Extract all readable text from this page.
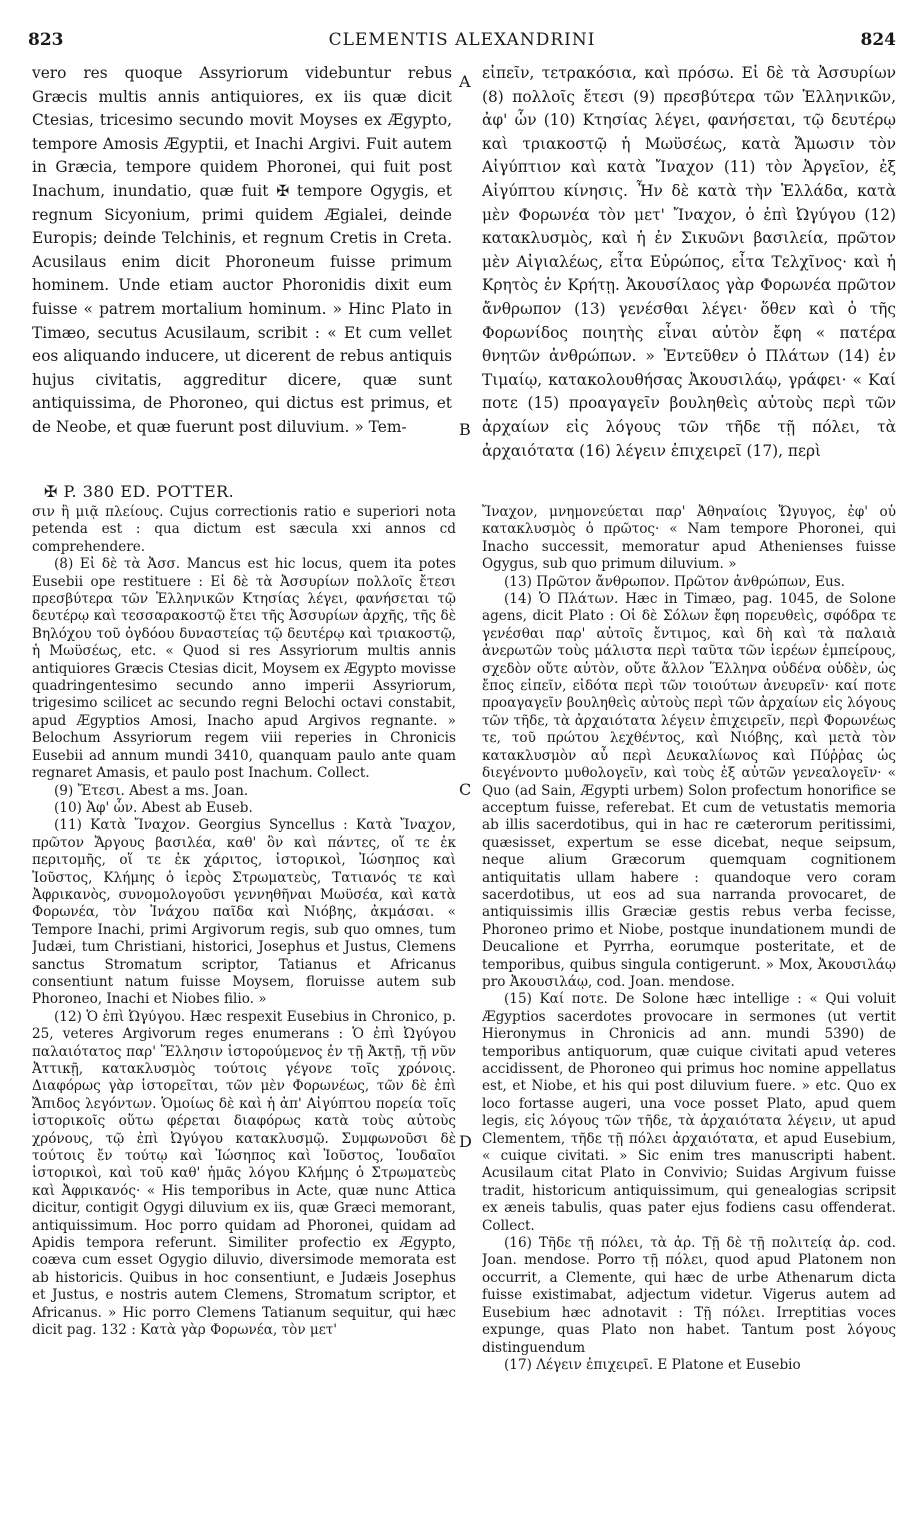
823	CLEMENTIS ALEXANDRINI	824

vero res quoque Assyriorum videbuntur rebus Græcis multis annis antiquiores, ex iis quæ dicit Ctesias, tricesimo secundo movit Moyses ex Ægypto, tempore Amosis Ægyptii, et Inachi Argivi. Fuit autem in Græcia, tempore quidem Phoronei, qui fuit post Inachum, inundatio, quæ fuit ✠ tempore Ogygis, et regnum Sicyonium, primi quidem Ægialei, deinde Europis; deinde Telchinis, et regnum Cretis in Creta. Acusilaus enim dicit Phoroneum fuisse primum hominem. Unde etiam auctor Phoronidis dixit eum fuisse « patrem mortalium hominum. » Hinc Plato in Timæo, secutus Acusilaum, scribit : « Et cum vellet eos aliquando inducere, ut dicerent de rebus antiquis hujus civitatis, aggreditur dicere, quæ sunt antiquissima, de Phoroneo, qui dictus est primus, et de Neobe, et quæ fuerunt post diluvium. » Tem-

εἰπεῖν, τετρακόσια, καὶ πρόσω. Εἰ δὲ τὰ Ἀσσυρίων (8) πολλοῖς ἔτεσι (9) πρεσβύτερα τῶν Ἑλληνικῶν, ἀφ' ὧν (10) Κτησίας λέγει, φανήσεται, τῷ δευτέρῳ καὶ τριακοστῷ ἡ Μωϋσέως, κατὰ Ἄμωσιν τὸν Αἰγύπτιον καὶ κατὰ Ἴναχον (11) τὸν Ἀργεῖον, ἐξ Αἰγύπτου κίνησις. Ἦν δὲ κατὰ τὴν Ἑλλάδα, κατὰ μὲν Φορωνέα τὸν μετ' Ἴναχον, ὁ ἐπὶ Ὠγύγου (12) κατακλυσμὸς, καὶ ἡ ἐν Σικυῶνι βασιλεία, πρῶτον μὲν Αἰγιαλέως, εἶτα Εὐρώπος, εἶτα Τελχῖνος· καὶ ἡ Κρητὸς ἐν Κρήτῃ. Ἀκουσίλαος γὰρ Φορωνέα πρῶτον ἄνθρωπον (13) γενέσθαι λέγει· ὅθεν καὶ ὁ τῆς Φορωνίδος ποιητὴς εἶναι αὐτὸν ἔφη « πατέρα θνητῶν ἀνθρώπων. » Ἐντεῦθεν ὁ Πλάτων (14) ἐν Τιμαίῳ, κατακολουθήσας Ἀκουσιλάῳ, γράφει· « Καί ποτε (15) προαγαγεῖν βουληθεὶς αὐτοὺς περὶ τῶν ἀρχαίων εἰς λόγους τῶν τῆδε τῇ πόλει, τὰ ἀρχαιότατα (16) λέγειν ἐπιχειρεῖ (17), περὶ

A
B
C
D
✠ P. 380 ED. POTTER.

σιν ἢ μιᾷ πλείους. Cujus correctionis ratio e superiori nota petenda est : qua dictum est sæcula xxi annos cd comprehendere.

(8) Εἰ δὲ τὰ Ἀσσ. Mancus est hic locus, quem ita potes Eusebii ope restituere : Εἰ δὲ τὰ Ἀσσυρίων πολλοῖς ἔτεσι πρεσβύτερα τῶν Ἑλληνικῶν Κτησίας λέγει, φανήσεται τῷ δευτέρῳ καὶ τεσσαρακοστῷ ἔτει τῆς Ἀσσυρίων ἀρχῆς, τῆς δὲ Βηλόχου τοῦ ὀγδόου δυναστείας τῷ δευτέρῳ καὶ τριακοστῷ, ἡ Μωϋσέως, etc. « Quod si res Assyriorum multis annis antiquiores Græcis Ctesias dicit, Moysem ex Ægypto movisse quadringentesimo secundo anno imperii Assyriorum, trigesimo scilicet ac secundo regni Belochi octavi constabit, apud Ægyptios Amosi, Inacho apud Argivos regnante. » Belochum Assyriorum regem viii reperies in Chronicis Eusebii ad annum mundi 3410, quanquam paulo ante quam regnaret Amasis, et paulo post Inachum. Collect.

(9) Ἔτεσι. Abest a ms. Joan.

(10) Ἀφ' ὧν. Abest ab Euseb.

(11) Κατὰ Ἴναχον. Georgius Syncellus : Κατὰ Ἴναχον, πρῶτον Ἄργους βασιλέα, καθ' ὃν καὶ πάντες, οἵ τε ἐκ περιτομῆς, οἵ τε ἐκ χάριτος, ἱστορικοὶ, Ἰώσηπος καὶ Ἰοῦστος, Κλήμης ὁ ἱερὸς Στρωματεὺς, Τατιανός τε καὶ Ἀφρικανὸς, συνομολογοῦσι γεννηθῆναι Μωϋσέα, καὶ κατὰ Φορωνέα, τὸν Ἰνάχου παῖδα καὶ Νιόβης, ἀκμάσαι. « Tempore Inachi, primi Argivorum regis, sub quo omnes, tum Judæi, tum Christiani, historici, Josephus et Justus, Clemens sanctus Stromatum scriptor, Tatianus et Africanus consentiunt natum fuisse Moysem, floruisse autem sub Phoroneo, Inachi et Niobes filio. »

(12) Ὁ ἐπὶ Ὠγύγου. Hæc respexit Eusebius in Chronico, p. 25, veteres Argivorum reges enumerans : Ὁ ἐπὶ Ὠγύγου παλαιότατος παρ' Ἕλλησιν ἱστορούμενος ἐν τῇ Ἀκτῇ, τῇ νῦν Ἀττικῇ, κατακλυσμὸς τούτοις γέγονε τοῖς χρόνοις. Διαφόρως γὰρ ἱστορεῖται, τῶν μὲν Φορωνέως, τῶν δὲ ἐπὶ Ἄπιδος λεγόντων. Ὁμοίως δὲ καὶ ἡ ἀπ' Αἰγύπτου πορεία τοῖς ἱστορικοῖς οὕτω φέρεται διαφόρως κατὰ τοὺς αὐτοὺς χρόνους, τῷ ἐπὶ Ὠγύγου κατακλυσμῷ. Συμφωνοῦσι δὲ τούτοις ἔν τούτῳ καὶ Ἰώσηπος καὶ Ἰοῦστος, Ἰουδαῖοι ἱστορικοὶ, καὶ τοῦ καθ' ἡμᾶς λόγου Κλήμης ὁ Στρωματεὺς καὶ Ἀφρικανός· « His temporibus in Acte, quæ nunc Attica dicitur, contigit Ogygi diluvium ex iis, quæ Græci memorant, antiquissimum. Hoc porro quidam ad Phoronei, quidam ad Apidis tempora referunt. Similiter profectio ex Ægypto, coæva cum esset Ogygio diluvio, diversimode memorata est ab historicis. Quibus in hoc consentiunt, e Judæis Josephus et Justus, e nostris autem Clemens, Stromatum scriptor, et Africanus. » Hic porro Clemens Tatianum sequitur, qui hæc dicit pag. 132 : Κατὰ γὰρ Φορωνέα, τὸν μετ'

Ἴναχον, μνημονεύεται παρ' Ἀθηναίοις Ὤγυγος, ἐφ' οὗ κατακλυσμὸς ὁ πρῶτος· « Nam tempore Phoronei, qui Inacho successit, memoratur apud Athenienses fuisse Ogygus, sub quo primum diluvium. »

(13) Πρῶτον ἄνθρωπον. Πρῶτον ἀνθρώπων, Eus.

(14) Ὁ Πλάτων. Hæc in Timæo, pag. 1045, de Solone agens, dicit Plato : Οἱ δὲ Σόλων ἔφη πορευθεὶς, σφόδρα τε γενέσθαι παρ' αὐτοῖς ἔντιμος, καὶ δὴ καὶ τὰ παλαιὰ ἀνερωτῶν τοὺς μάλιστα περὶ ταῦτα τῶν ἱερέων ἐμπείρους, σχεδὸν οὔτε αὐτὸν, οὔτε ἄλλον Ἕλληνα οὐδένα οὐδὲν, ὡς ἔπος εἰπεῖν, εἰδότα περὶ τῶν τοιούτων ἀνευρεῖν· καί ποτε προαγαγεῖν βουληθεὶς αὐτοὺς περὶ τῶν ἀρχαίων εἰς λόγους τῶν τῆδε, τὰ ἀρχαιότατα λέγειν ἐπιχειρεῖν, περὶ Φορωνέως τε, τοῦ πρώτου λεχθέντος, καὶ Νιόβης, καὶ μετὰ τὸν κατακλυσμὸν αὖ περὶ Δευκαλίωνος καὶ Πύῤῥας ὡς διεγένοντο μυθολογεῖν, καὶ τοὺς ἐξ αὐτῶν γενεαλογεῖν· « Quo (ad Sain, Ægypti urbem) Solon profectum honorifice se acceptum fuisse, referebat. Et cum de vetustatis memoria ab illis sacerdotibus, qui in hac re cæterorum peritissimi, quæsisset, expertum se esse dicebat, neque seipsum, neque alium Græcorum quemquam cognitionem antiquitatis ullam habere : quandoque vero coram sacerdotibus, ut eos ad sua narranda provocaret, de antiquissimis illis Græciæ gestis rebus verba fecisse, Phoroneo primo et Niobe, postque inundationem mundi de Deucalione et Pyrrha, eorumque posteritate, et de temporibus, quibus singula contigerunt. » Mox, Ἀκουσιλάῳ pro Ἀκουσιλάῳ, cod. Joan. mendose.

(15) Καί ποτε. De Solone hæc intellige : « Qui voluit Ægyptios sacerdotes provocare in sermones (ut vertit Hieronymus in Chronicis ad ann. mundi 5390) de temporibus antiquorum, quæ cuique civitati apud veteres accidissent, de Phoroneo qui primus hoc nomine appellatus est, et Niobe, et his qui post diluvium fuere. » etc. Quo ex loco fortasse augeri, una voce posset Plato, apud quem legis, εἰς λόγους τῶν τῆδε, τὰ ἀρχαιότατα λέγειν, ut apud Clementem, τῆδε τῇ πόλει ἀρχαιότατα, et apud Eusebium, « cuique civitati. » Sic enim tres manuscripti habent. Acusilaum citat Plato in Convivio; Suidas Argivum fuisse tradit, historicum antiquissimum, qui genealogias scripsit ex æneis tabulis, quas pater ejus fodiens casu offenderat. Collect.

(16) Τῆδε τῇ πόλει, τὰ ἀρ. Τῇ δὲ τῇ πολιτείᾳ ἀρ. cod. Joan. mendose. Porro τῇ πόλει, quod apud Platonem non occurrit, a Clemente, qui hæc de urbe Athenarum dicta fuisse existimabat, adjectum videtur. Vigerus autem ad Eusebium hæc adnotavit : Τῇ πόλει. Irreptitias voces expunge, quas Plato non habet. Tantum post λόγους distinguendum

(17) Λέγειν ἐπιχειρεῖ. E Platone et Eusebio
